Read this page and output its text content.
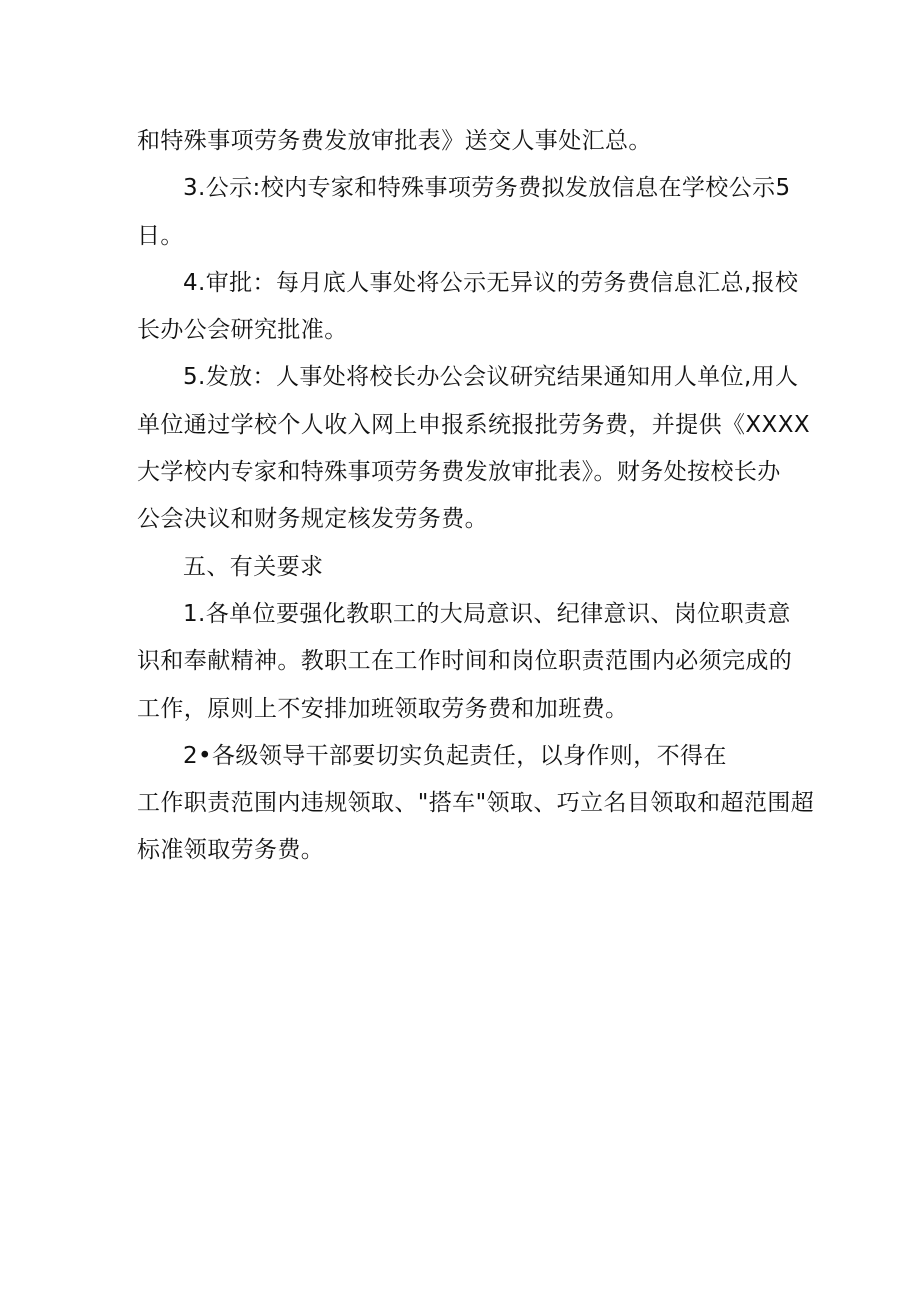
和特殊事项劳务费发放审批表》送交人事处汇总。
3.公示:校内专家和特殊事项劳务费拟发放信息在学校公示5
日。
4.审批：每月底人事处将公示无异议的劳务费信息汇总,报校
长办公会研究批准。
5.发放：人事处将校长办公会议研究结果通知用人单位,用人
单位通过学校个人收入网上申报系统报批劳务费，并提供《XXXX
大学校内专家和特殊事项劳务费发放审批表》。财务处按校长办
公会决议和财务规定核发劳务费。
五、有关要求
1.各单位要强化教职工的大局意识、纪律意识、岗位职责意
识和奉献精神。教职工在工作时间和岗位职责范围内必须完成的
工作，原则上不安排加班领取劳务费和加班费。
2•各级领导干部要切实负起责任，以身作则，不得在
工作职责范围内违规领取、"搭车"领取、巧立名目领取和超范围超
标准领取劳务费。
